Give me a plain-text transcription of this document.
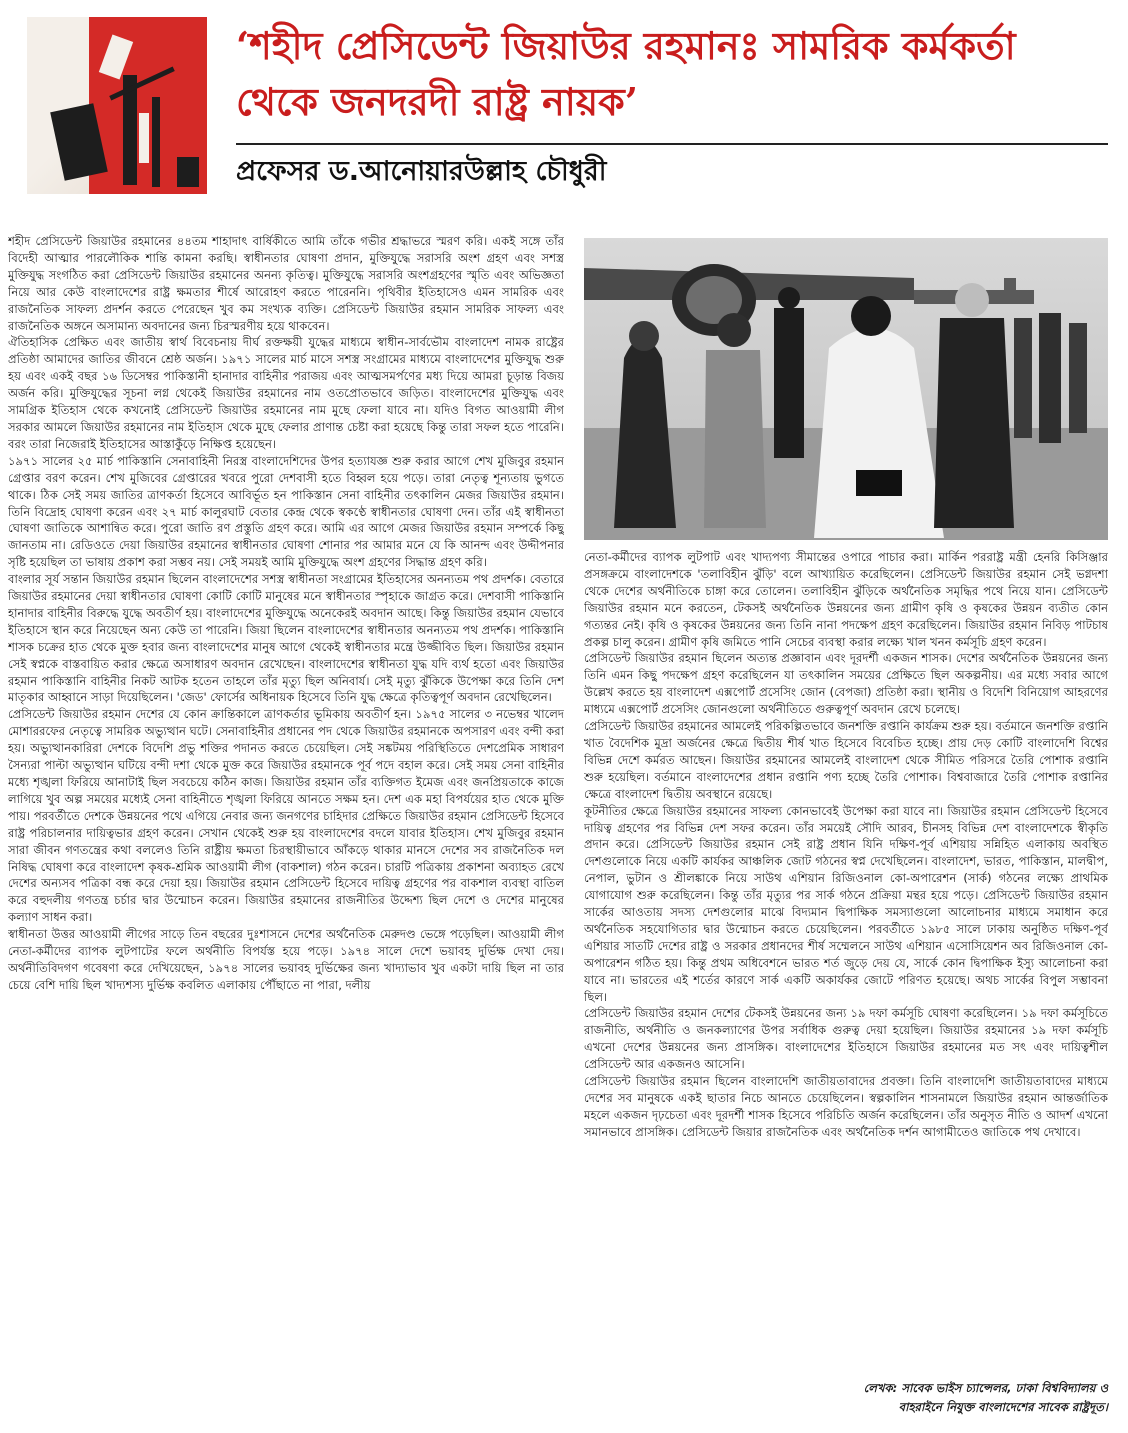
‘শহীদ প্রেসিডেন্ট জিয়াউর রহমানঃ সামরিক কর্মকর্তা থেকে জনদরদী রাষ্ট্র নায়ক’
প্রফেসর ড.আনোয়ারউল্লাহ চৌধুরী

শহীদ প্রেসিডেন্ট জিয়াউর রহমানের ৪৪তম শাহাদাৎ বার্ষিকীতে আমি তাঁকে গভীর শ্রদ্ধাভরে স্মরণ করি। একই সঙ্গে তাঁর বিদেহী আত্মার পারলৌকিক শান্তি কামনা করছি। স্বাধীনতার ঘোষণা প্রদান, মুক্তিযুদ্ধে সরাসরি অংশ গ্রহণ এবং সশস্ত্র মুক্তিযুদ্ধ সংগঠিত করা প্রেসিডেন্ট জিয়াউর রহমানের অনন্য কৃতিত্ব। মুক্তিযুদ্ধে সরাসরি অংশগ্রহণের স্মৃতি এবং অভিজ্ঞতা নিয়ে আর কেউ বাংলাদেশের রাষ্ট্র ক্ষমতার শীর্ষে আরোহণ করতে পারেননি। পৃথিবীর ইতিহাসেও এমন সামরিক এবং রাজনৈতিক সাফল্য প্রদর্শন করতে পেরেছেন খুব কম সংখ্যক ব্যক্তি। প্রেসিডেন্ট জিয়াউর রহমান সামরিক সাফল্য এবং রাজনৈতিক অঙ্গনে অসামান্য অবদানের জন্য চিরস্মরণীয় হয়ে থাকবেন।

ঐতিহাসিক প্রেক্ষিত এবং জাতীয় স্বার্থ বিবেচনায় দীর্ঘ রক্তক্ষয়ী যুদ্ধের মাধ্যমে স্বাধীন-সার্বভৌম বাংলাদেশ নামক রাষ্ট্রের প্রতিষ্ঠা আমাদের জাতির জীবনে শ্রেষ্ঠ অর্জন। ১৯৭১ সালের মার্চ মাসে সশস্ত্র সংগ্রামের মাধ্যমে বাংলাদেশের মুক্তিযুদ্ধ শুরু হয় এবং একই বছর ১৬ ডিসেম্বর পাকিস্তানী হানাদার বাহিনীর পরাজয় এবং আত্মসমর্পণের মধ্য দিয়ে আমরা চূড়ান্ত বিজয় অর্জন করি। মুক্তিযুদ্ধের সূচনা লগ্ন থেকেই জিয়াউর রহমানের নাম ওতপ্রোতভাবে জড়িত। বাংলাদেশের মুক্তিযুদ্ধ এবং সামগ্রিক ইতিহাস থেকে কখনোই প্রেসিডেন্ট জিয়াউর রহমানের নাম মুছে ফেলা যাবে না। যদিও বিগত আওয়ামী লীগ সরকার আমলে জিয়াউর রহমানের নাম ইতিহাস থেকে মুছে ফেলার প্রাণান্ত চেষ্টা করা হয়েছে কিন্তু তারা সফল হতে পারেনি। বরং তারা নিজেরাই ইতিহাসের আস্তাকুঁড়ে নিক্ষিপ্ত হয়েছেন।

১৯৭১ সালের ২৫ মার্চ পাকিস্তানি সেনাবাহিনী নিরস্ত্র বাংলাদেশিদের উপর হত্যাযজ্ঞ শুরু করার আগে শেখ মুজিবুর রহমান গ্রেপ্তার বরণ করেন। শেখ মুজিবের গ্রেপ্তারের খবরে পুরো দেশবাসী হতে বিহ্বল হয়ে পড়ে। তারা নেতৃত্ব শূন্যতায় ভুগতে থাকে। ঠিক সেই সময় জাতির ত্রাণকর্তা হিসেবে আবির্ভূত হন পাকিস্তান সেনা বাহিনীর তৎকালিন মেজর জিয়াউর রহমান। তিনি বিদ্রোহ ঘোষণা করেন এবং ২৭ মার্চ কালুরঘাট বেতার কেন্দ্র থেকে স্বকণ্ঠে স্বাধীনতার ঘোষণা দেন। তাঁর এই স্বাধীনতা ঘোষণা জাতিকে আশান্বিত করে। পুরো জাতি রণ প্রস্তুতি গ্রহণ করে। আমি এর আগে মেজর জিয়াউর রহমান সম্পর্কে কিছু জানতাম না। রেডিওতে দেয়া জিয়াউর রহমানের স্বাধীনতার ঘোষণা শোনার পর আমার মনে যে কি আনন্দ এবং উদ্দীপনার সৃষ্টি হয়েছিল তা ভাষায় প্রকাশ করা সম্ভব নয়। সেই সময়ই আমি মুক্তিযুদ্ধে অংশ গ্রহণের সিদ্ধান্ত গ্রহণ করি।

বাংলার সূর্য সন্তান জিয়াউর রহমান ছিলেন বাংলাদেশের সশস্ত্র স্বাধীনতা সংগ্রামের ইতিহাসের অনন্যতম পথ প্রদর্শক। বেতারে জিয়াউর রহমানের দেয়া স্বাধীনতার ঘোষণা কোটি কোটি মানুষের মনে স্বাধীনতার স্পৃহাকে জাগ্রত করে। দেশবাসী পাকিস্তানি হানাদার বাহিনীর বিরুদ্ধে যুদ্ধে অবতীর্ণ হয়। বাংলাদেশের মুক্তিযুদ্ধে অনেকেরই অবদান আছে। কিন্তু জিয়াউর রহমান যেভাবে ইতিহাসে স্থান করে নিয়েছেন অন্য কেউ তা পারেনি। জিয়া ছিলেন বাংলাদেশের স্বাধীনতার অনন্যতম পথ প্রদর্শক। পাকিস্তানি শাসক চক্রের হাত থেকে মুক্ত হবার জন্য বাংলাদেশের মানুষ আগে থেকেই স্বাধীনতার মন্ত্রে উজ্জীবিত ছিল। জিয়াউর রহমান সেই স্বপ্নকে বাস্তবায়িত করার ক্ষেত্রে অসাধারণ অবদান রেখেছেন। বাংলাদেশের স্বাধীনতা যুদ্ধ যদি ব্যর্থ হতো এবং জিয়াউর রহমান পাকিস্তানি বাহিনীর নিকট আটক হতেন তাহলে তাঁর মৃত্যু ছিল অনিবার্য। সেই মৃত্যু ঝুঁকিকে উপেক্ষা করে তিনি দেশ মাতৃকার আহ্বানে সাড়া দিয়েছিলেন। 'জেড' ফোর্সের অধিনায়ক হিসেবে তিনি যুদ্ধ ক্ষেত্রে কৃতিত্বপূর্ণ অবদান রেখেছিলেন।

প্রেসিডেন্ট জিয়াউর রহমান দেশের যে কোন ক্রান্তিকালে ত্রাণকর্তার ভূমিকায় অবতীর্ণ হন। ১৯৭৫ সালের ৩ নভেম্বর খালেদ মোশাররফের নেতৃত্বে সামরিক অভ্যুত্থান ঘটে। সেনাবাহিনীর প্রধানের পদ থেকে জিয়াউর রহমানকে অপসারণ এবং বন্দী করা হয়। অভ্যুত্থানকারিরা দেশকে বিদেশি প্রভু শক্তির পদানত করতে চেয়েছিল। সেই সঙ্কটময় পরিস্থিতিতে দেশপ্রেমিক সাধারণ সৈন্যরা পাল্টা অভ্যুত্থান ঘটিয়ে বন্দী দশা থেকে মুক্ত করে জিয়াউর রহমানকে পূর্ব পদে বহাল করে। সেই সময় সেনা বাহিনীর মধ্যে শৃঙ্খলা ফিরিয়ে আনাটাই ছিল সবচেয়ে কঠিন কাজ। জিয়াউর রহমান তাঁর ব্যক্তিগত ইমেজ এবং জনপ্রিয়তাকে কাজে লাগিয়ে খুব অল্প সময়ের মধ্যেই সেনা বাহিনীতে শৃঙ্খলা ফিরিয়ে আনতে সক্ষম হন। দেশ এক মহা বিপর্যয়ের হাত থেকে মুক্তি পায়। পরবর্তীতে দেশকে উন্নয়নের পথে এগিয়ে নেবার জন্য জনগণের চাহিদার প্রেক্ষিতে জিয়াউর রহমান প্রেসিডেন্ট হিসেবে রাষ্ট্র পরিচালনার দায়িত্বভার গ্রহণ করেন। সেখান থেকেই শুরু হয় বাংলাদেশের বদলে যাবার ইতিহাস। শেখ মুজিবুর রহমান সারা জীবন গণতন্ত্রের কথা বললেও তিনি রাষ্ট্রীয় ক্ষমতা চিরস্থায়ীভাবে আঁকড়ে থাকার মানসে দেশের সব রাজনৈতিক দল নিষিদ্ধ ঘোষণা করে বাংলাদেশ কৃষক-শ্রমিক আওয়ামী লীগ (বাকশাল) গঠন করেন। চারটি পত্রিকায় প্রকাশনা অব্যাহত রেখে দেশের অন্যসব পত্রিকা বন্ধ করে দেয়া হয়। জিয়াউর রহমান প্রেসিডেন্ট হিসেবে দায়িত্ব গ্রহণের পর বাকশাল ব্যবস্থা বাতিল করে বহুদলীয় গণতন্ত্র চর্চার দ্বার উন্মোচন করেন। জিয়াউর রহমানের রাজনীতির উদ্দেশ্য ছিল দেশে ও দেশের মানুষের কল্যাণ সাধন করা।

স্বাধীনতা উত্তর আওয়ামী লীগের সাড়ে তিন বছরের দুঃশাসনে দেশের অর্থনৈতিক মেরুদণ্ড ভেঙ্গে পড়েছিল। আওয়ামী লীগ নেতা-কর্মীদের ব্যাপক লুটপাটের ফলে অর্থনীতি বিপর্যস্ত হয়ে পড়ে। ১৯৭৪ সালে দেশে ভয়াবহ দুর্ভিক্ষ দেখা দেয়। অর্থনীতিবিদগণ গবেষণা করে দেখিয়েছেন, ১৯৭৪ সালের ভয়াবহ দুর্ভিক্ষের জন্য খাদ্যাভাব খুব একটা দায়ি ছিল না তার চেয়ে বেশি দায়ি ছিল খাদ্যশস্য দুর্ভিক্ষ কবলিত এলাকায় পৌঁছাতে না পারা, দলীয়

নেতা-কর্মীদের ব্যাপক লুটপাট এবং খাদ্যপণ্য সীমান্তের ওপারে পাচার করা। মার্কিন পররাষ্ট্র মন্ত্রী হেনরি কিসিঞ্জার প্রসঙ্গক্রমে বাংলাদেশকে 'তলাবিহীন ঝুঁড়ি' বলে আখ্যায়িত করেছিলেন। প্রেসিডেন্ট জিয়াউর রহমান সেই ভগ্নদশা থেকে দেশের অর্থনীতিকে চাঙ্গা করে তোলেন। তলাবিহীন ঝুঁড়িকে অর্থনৈতিক সমৃদ্ধির পথে নিয়ে যান। প্রেসিডেন্ট জিয়াউর রহমান মনে করতেন, টেকসই অর্থনৈতিক উন্নয়নের জন্য গ্রামীণ কৃষি ও কৃষকের উন্নয়ন ব্যতীত কোন গত্যন্তর নেই। কৃষি ও কৃষকের উন্নয়নের জন্য তিনি নানা পদক্ষেপ গ্রহণ করেছিলেন। জিয়াউর রহমান নিবিড় পাটচাষ প্রকল্প চালু করেন। গ্রামীণ কৃষি জমিতে পানি সেচের ব্যবস্থা করার লক্ষ্যে খাল খনন কর্মসূচি গ্রহণ করেন।

প্রেসিডেন্ট জিয়াউর রহমান ছিলেন অত্যন্ত প্রজ্ঞাবান এবং দূরদর্শী একজন শাসক। দেশের অর্থনৈতিক উন্নয়নের জন্য তিনি এমন কিছু পদক্ষেপ গ্রহণ করেছিলেন যা তৎকালিন সময়ের প্রেক্ষিতে ছিল অকল্পনীয়। এর মধ্যে সবার আগে উল্লেখ করতে হয় বাংলাদেশ এক্সপোর্ট প্রসেসিং জোন (বেপজা) প্রতিষ্ঠা করা। স্থানীয় ও বিদেশি বিনিয়োগ আহরণের মাধ্যমে এক্সপোর্ট প্রসেসিং জোনগুলো অর্থনীতিতে গুরুত্বপূর্ণ অবদান রেখে চলেছে।

প্রেসিডেন্ট জিয়াউর রহমানের আমলেই পরিকল্পিতভাবে জনশক্তি রপ্তানি কার্যক্রম শুরু হয়। বর্তমানে জনশক্তি রপ্তানি খাত বৈদেশিক মুদ্রা অর্জনের ক্ষেত্রে দ্বিতীয় শীর্ষ খাত হিসেবে বিবেচিত হচ্ছে। প্রায় দেড় কোটি বাংলাদেশি বিশ্বের বিভিন্ন দেশে কর্মরত আছেন। জিয়াউর রহমানের আমলেই বাংলাদেশ থেকে সীমিত পরিসরে তৈরি পোশাক রপ্তানি শুরু হয়েছিল। বর্তমানে বাংলাদেশের প্রধান রপ্তানি পণ্য হচ্ছে তৈরি পোশাক। বিশ্ববাজারে তৈরি পোশাক রপ্তানির ক্ষেত্রে বাংলাদেশ দ্বিতীয় অবস্থানে রয়েছে।

কূটনীতির ক্ষেত্রে জিয়াউর রহমানের সাফল্য কোনভাবেই উপেক্ষা করা যাবে না। জিয়াউর রহমান প্রেসিডেন্ট হিসেবে দায়িত্ব গ্রহণের পর বিভিন্ন দেশ সফর করেন। তাঁর সময়েই সৌদি আরব, চীনসহ বিভিন্ন দেশ বাংলাদেশকে স্বীকৃতি প্রদান করে। প্রেসিডেন্ট জিয়াউর রহমান সেই রাষ্ট্র প্রধান যিনি দক্ষিণ-পূর্ব এশিয়ায় সন্নিহিত এলাকায় অবস্থিত দেশগুলোকে নিয়ে একটি কার্যকর আঞ্চলিক জোট গঠনের স্বপ্ন দেখেছিলেন। বাংলাদেশ, ভারত, পাকিস্তান, মালদ্বীপ, নেপাল, ভুটান ও শ্রীলঙ্কাকে নিয়ে সাউথ এশিয়ান রিজিওনাল কো-অপারেশন (সার্ক) গঠনের লক্ষ্যে প্রাথমিক যোগাযোগ শুরু করেছিলেন। কিন্তু তাঁর মৃত্যুর পর সার্ক গঠনে প্রক্রিয়া মন্থর হয়ে পড়ে। প্রেসিডেন্ট জিয়াউর রহমান সার্কের আওতায় সদস্য দেশগুলোর মাঝে বিদ্যমান দ্বিপাক্ষিক সমস্যাগুলো আলোচনার মাধ্যমে সমাধান করে অর্থনৈতিক সহযোগিতার দ্বার উন্মোচন করতে চেয়েছিলেন। পরবর্তীতে ১৯৮৫ সালে ঢাকায় অনুষ্ঠিত দক্ষিণ-পূর্ব এশিয়ার সাতটি দেশের রাষ্ট্র ও সরকার প্রধানদের শীর্ষ সম্মেলনে সাউথ এশিয়ান এসোসিয়েশন অব রিজিওনাল কো-অপারেশন গঠিত হয়। কিন্তু প্রথম অধিবেশনে ভারত শর্ত জুড়ে দেয় যে, সার্কে কোন দ্বিপাক্ষিক ইস্যু আলোচনা করা যাবে না। ভারতের এই শর্তের কারণে সার্ক একটি অকার্যকর জোটে পরিণত হয়েছে। অথচ সার্কের বিপুল সম্ভাবনা ছিল।

প্রেসিডেন্ট জিয়াউর রহমান দেশের টেকসই উন্নয়নের জন্য ১৯ দফা কর্মসূচি ঘোষণা করেছিলেন। ১৯ দফা কর্মসূচিতে রাজনীতি, অর্থনীতি ও জনকল্যাণের উপর সর্বাধিক গুরুত্ব দেয়া হয়েছিল। জিয়াউর রহমানের ১৯ দফা কর্মসূচি এখনো দেশের উন্নয়নের জন্য প্রাসঙ্গিক। বাংলাদেশের ইতিহাসে জিয়াউর রহমানের মত সৎ এবং দায়িত্বশীল প্রেসিডেন্ট আর একজনও আসেনি।

প্রেসিডেন্ট জিয়াউর রহমান ছিলেন বাংলাদেশি জাতীয়তাবাদের প্রবক্তা। তিনি বাংলাদেশি জাতীয়তাবাদের মাধ্যমে দেশের সব মানুষকে একই ছাতার নিচে আনতে চেয়েছিলেন। স্বল্পকালিন শাসনামলে জিয়াউর রহমান আন্তর্জাতিক মহলে একজন দৃঢ়চেতা এবং দূরদর্শী শাসক হিসেবে পরিচিতি অর্জন করেছিলেন। তাঁর অনুসৃত নীতি ও আদর্শ এখনো সমানভাবে প্রাসঙ্গিক। প্রেসিডেন্ট জিয়ার রাজনৈতিক এবং অর্থনৈতিক দর্শন আগামীতেও জাতিকে পথ দেখাবে।

লেখক: সাবেক ভাইস চ্যান্সেলর, ঢাকা বিশ্ববিদ্যালয় ও
বাহরাইনে নিযুক্ত বাংলাদেশের সাবেক রাষ্ট্রদূত।
